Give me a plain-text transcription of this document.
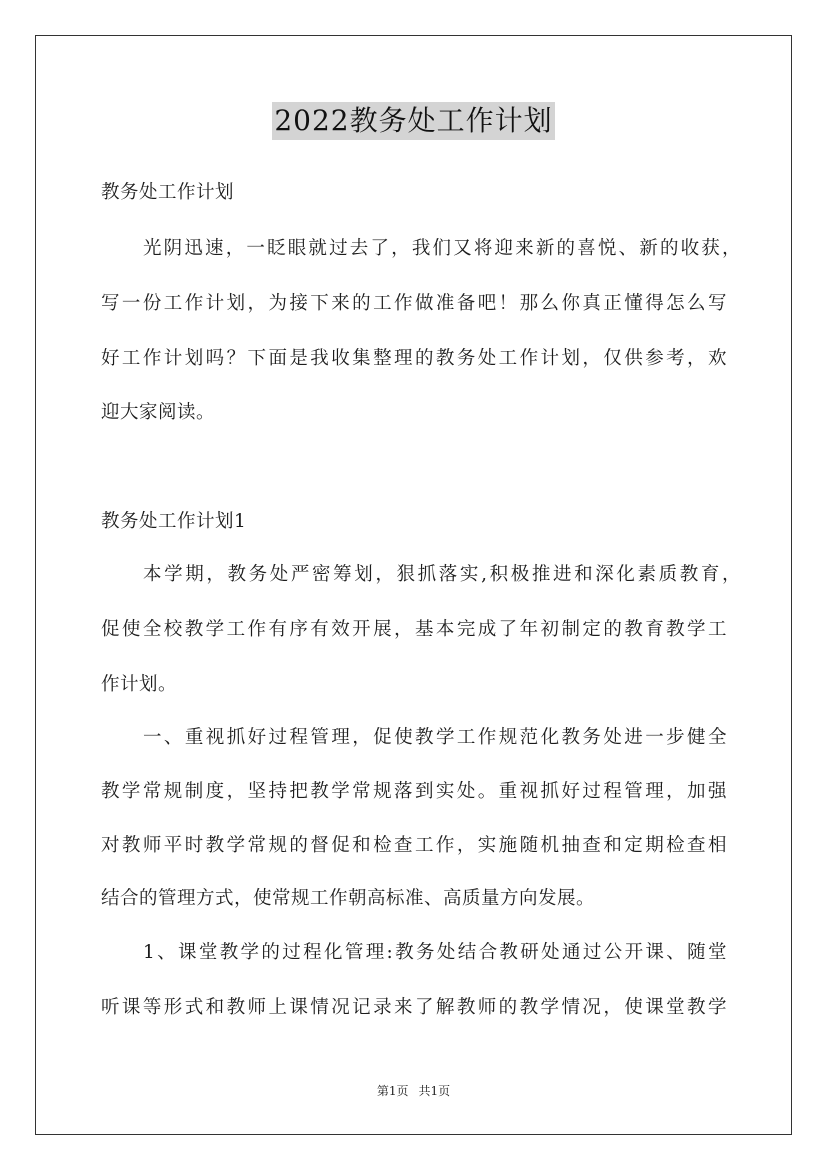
2022教务处工作计划
教务处工作计划
光阴迅速，一眨眼就过去了，我们又将迎来新的喜悦、新的收获，
写一份工作计划，为接下来的工作做准备吧！那么你真正懂得怎么写
好工作计划吗？下面是我收集整理的教务处工作计划，仅供参考，欢
迎大家阅读。
教务处工作计划1
本学期，教务处严密筹划，狠抓落实,积极推进和深化素质教育，
促使全校教学工作有序有效开展，基本完成了年初制定的教育教学工
作计划。
一、重视抓好过程管理，促使教学工作规范化教务处进一步健全
教学常规制度，坚持把教学常规落到实处。重视抓好过程管理，加强
对教师平时教学常规的督促和检查工作，实施随机抽查和定期检查相
结合的管理方式，使常规工作朝高标准、高质量方向发展。
1、课堂教学的过程化管理:教务处结合教研处通过公开课、随堂
听课等形式和教师上课情况记录来了解教师的教学情况，使课堂教学
第1页 共1页
